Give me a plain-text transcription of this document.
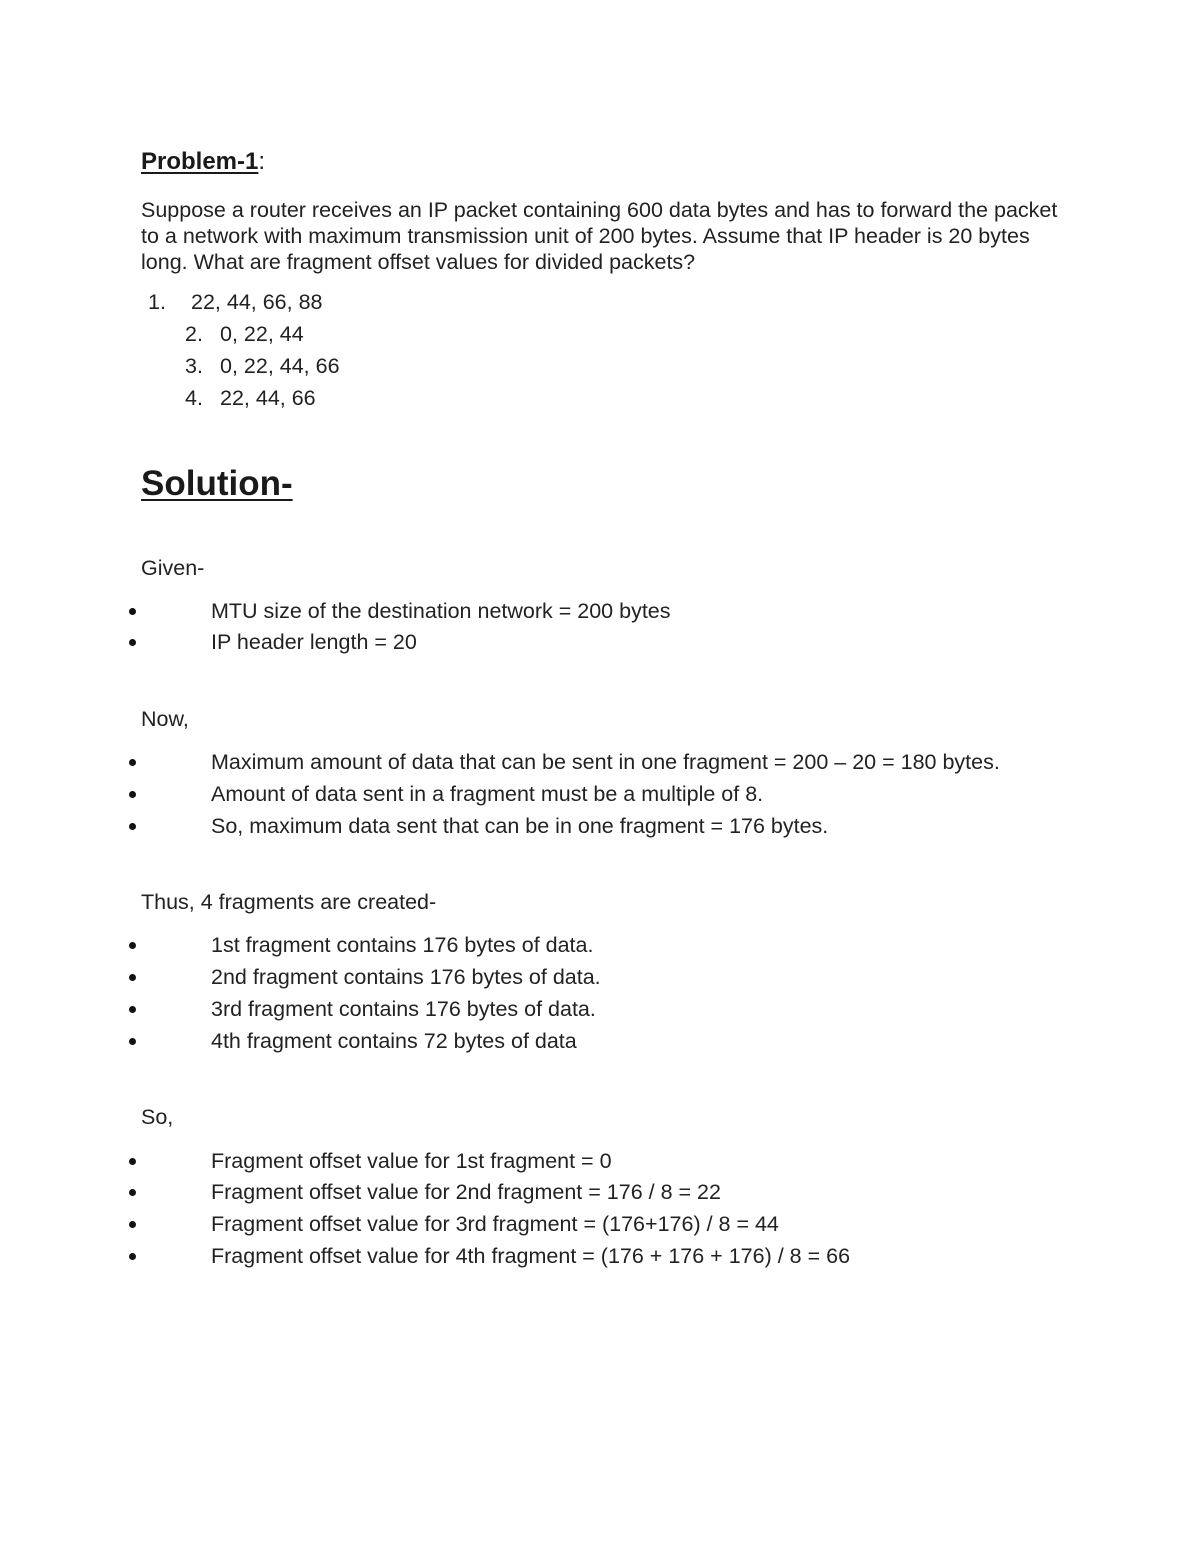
Problem-1:
Suppose a router receives an IP packet containing 600 data bytes and has to forward the packet to a network with maximum transmission unit of 200 bytes. Assume that IP header is 20 bytes long. What are fragment offset values for divided packets?
1. 22, 44, 66, 88
2. 0, 22, 44
3. 0, 22, 44, 66
4. 22, 44, 66
Solution-
Given-
MTU size of the destination network = 200 bytes
IP header length = 20
Now,
Maximum amount of data that can be sent in one fragment = 200 – 20 = 180 bytes.
Amount of data sent in a fragment must be a multiple of 8.
So, maximum data sent that can be in one fragment = 176 bytes.
Thus, 4 fragments are created-
1st fragment contains 176 bytes of data.
2nd fragment contains 176 bytes of data.
3rd fragment contains 176 bytes of data.
4th fragment contains 72 bytes of data
So,
Fragment offset value for 1st fragment = 0
Fragment offset value for 2nd fragment = 176 / 8 = 22
Fragment offset value for 3rd fragment = (176+176) / 8 = 44
Fragment offset value for 4th fragment = (176 + 176 + 176) / 8 = 66
